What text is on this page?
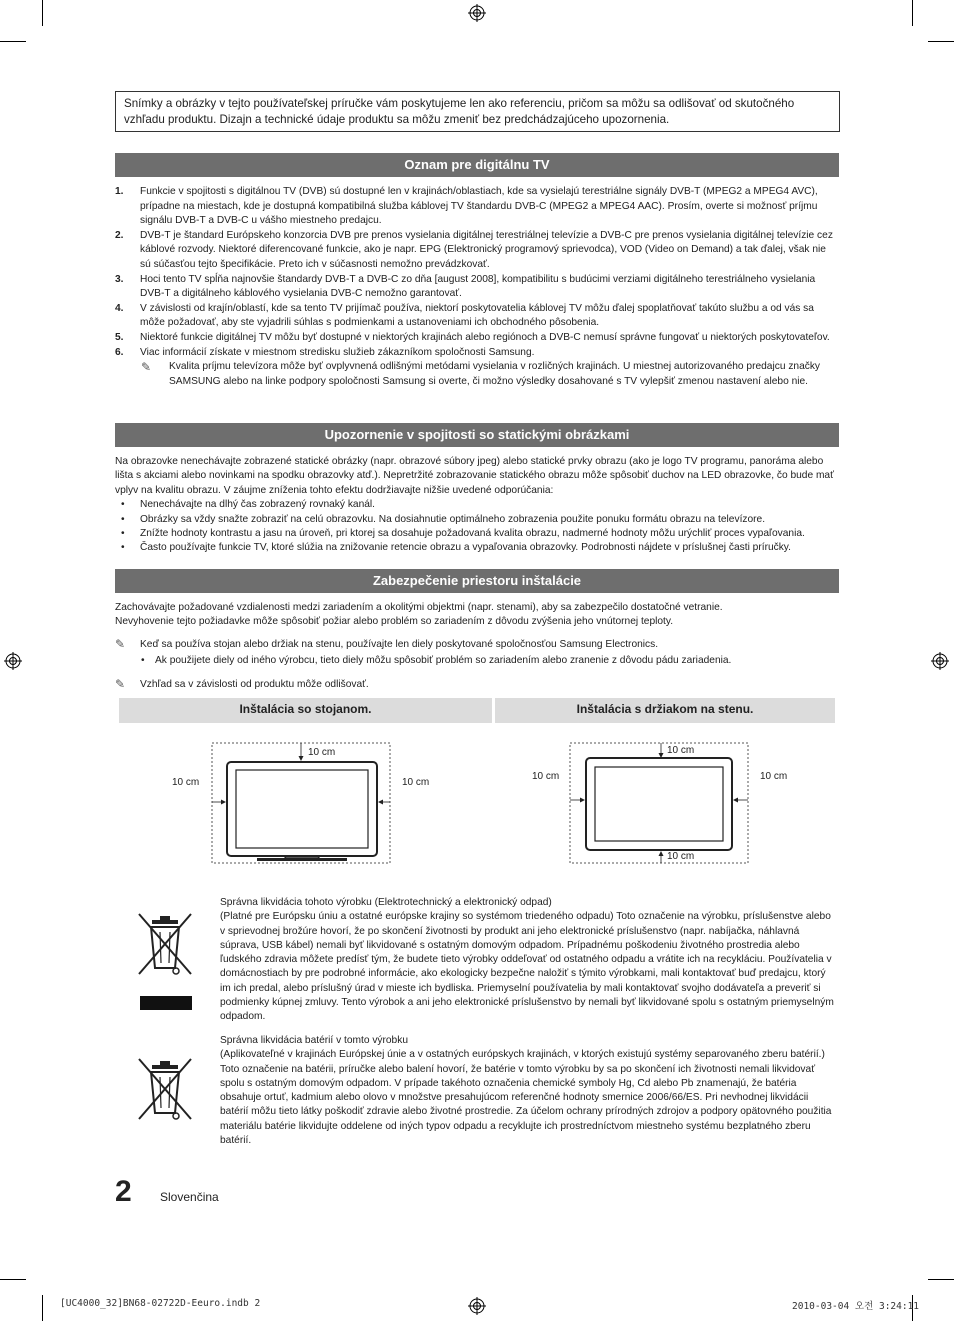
Snímky a obrázky v tejto používateľskej príručke vám poskytujeme len ako referenciu, pričom sa môžu sa odlišovať od skutočného vzhľadu produktu. Dizajn a technické údaje produktu sa môžu zmeniť bez predchádzajúceho upozornenia.
Oznam pre digitálnu TV
1. Funkcie v spojitosti s digitálnou TV (DVB) sú dostupné len v krajinách/oblastiach, kde sa vysielajú terestriálne signály DVB-T (MPEG2 a MPEG4 AVC), prípadne na miestach, kde je dostupná kompatibilná služba káblovej TV štandardu DVB-C (MPEG2 a MPEG4 AAC). Prosím, overte si možnosť príjmu signálu DVB-T a DVB-C u vášho miestneho predajcu.
2. DVB-T je štandard Európskeho konzorcia DVB pre prenos vysielania digitálnej terestriálnej televízie a DVB-C pre prenos vysielania digitálnej televízie cez káblové rozvody. Niektoré diferencované funkcie, ako je napr. EPG (Elektronický programový sprievodca), VOD (Video on Demand) a tak ďalej, však nie sú súčasťou tejto špecifikácie. Preto ich v súčasnosti nemožno prevádzkovať.
3. Hoci tento TV spĺňa najnovšie štandardy DVB-T a DVB-C zo dňa [august 2008], kompatibilitu s budúcimi verziami digitálneho terestriálneho vysielania DVB-T a digitálneho káblového vysielania DVB-C nemožno garantovať.
4. V závislosti od krajín/oblastí, kde sa tento TV prijímač používa, niektorí poskytovatelia káblovej TV môžu ďalej spoplatňovať takúto službu a od vás sa môže požadovať, aby ste vyjadrili súhlas s podmienkami a ustanoveniami ich obchodného pôsobenia.
5. Niektoré funkcie digitálnej TV môžu byť dostupné v niektorých krajinách alebo regiónoch a DVB-C nemusí správne fungovať u niektorých poskytovateľov.
6. Viac informácií získate v miestnom stredisku služieb zákazníkom spoločnosti Samsung.
✎ Kvalita príjmu televízora môže byť ovplyvnená odlišnými metódami vysielania v rozličných krajinách. U miestnej autorizovaného predajcu značky SAMSUNG alebo na linke podpory spoločnosti Samsung si overte, či možno výsledky dosahované s TV vylepšiť zmenou nastavení alebo nie.
Upozornenie v spojitosti so statickými obrázkami
Na obrazovke nenechávajte zobrazené statické obrázky (napr. obrazové súbory jpeg) alebo statické prvky obrazu (ako je logo TV programu, panoráma alebo lišta s akciami alebo novinkami na spodku obrazovky atď.). Nepretržité zobrazovanie statického obrazu môže spôsobiť duchov na LED obrazovke, čo bude mať vplyv na kvalitu obrazu. V záujme zníženia tohto efektu dodržiavajte nižšie uvedené odporúčania:
• Nenechávajte na dlhý čas zobrazený rovnaký kanál.
• Obrázky sa vždy snažte zobraziť na celú obrazovku. Na dosiahnutie optimálneho zobrazenia použite ponuku formátu obrazu na televízore.
• Znížte hodnoty kontrastu a jasu na úroveň, pri ktorej sa dosahuje požadovaná kvalita obrazu, nadmerné hodnoty môžu urýchliť proces vypaľovania.
• Často používajte funkcie TV, ktoré slúžia na znižovanie retencie obrazu a vypaľovania obrazovky. Podrobnosti nájdete v príslušnej časti príručky.
Zabezpečenie priestoru inštalácie
Zachovávajte požadované vzdialenosti medzi zariadením a okolitými objektmi (napr. stenami), aby sa zabezpečilo dostatočné vetranie.
Nevyhovenie tejto požiadavke môže spôsobiť požiar alebo problém so zariadením z dôvodu zvýšenia jeho vnútornej teploty.
✎ Keď sa používa stojan alebo držiak na stenu, používajte len diely poskytované spoločnosťou Samsung Electronics.
• Ak použijete diely od iného výrobcu, tieto diely môžu spôsobiť problém so zariadením alebo zranenie z dôvodu pádu zariadenia.
✎ Vzhľad sa v závislosti od produktu môže odlišovať.
Inštalácia so stojanom.	Inštalácia s držiakom na stenu.
10 cm
10 cm	10 cm
10 cm
10 cm	10 cm
10 cm
Správna likvidácia tohoto výrobku (Elektrotechnický a elektronický odpad)
(Platné pre Európsku úniu a ostatné európske krajiny so systémom triedeného odpadu) Toto označenie na výrobku, príslušenstve alebo v sprievodnej brožúre hovorí, že po skončení životnosti by produkt ani jeho elektronické príslušenstvo (napr. nabíjačka, náhlavná súprava, USB kábel) nemali byť likvidované s ostatným domovým odpadom. Prípadnému poškodeniu životného prostredia alebo ľudského zdravia môžete predísť tým, že budete tieto výrobky oddeľovať od ostatného odpadu a vrátite ich na recykláciu. Používatelia v domácnostiach by pre podrobné informácie, ako ekologicky bezpečne naložiť s týmito výrobkami, mali kontaktovať buď predajcu, ktorý im ich predal, alebo príslušný úrad v mieste ich bydliska. Priemyselní používatelia by mali kontaktovať svojho dodávateľa a preveriť si podmienky kúpnej zmluvy. Tento výrobok a ani jeho elektronické príslušenstvo by nemali byť likvidované spolu s ostatným priemyselným odpadom.
Správna likvidácia batérií v tomto výrobku
(Aplikovateľné v krajinách Európskej únie a v ostatných európskych krajinách, v ktorých existujú systémy separovaného zberu batérií.) Toto označenie na batérii, príručke alebo balení hovorí, že batérie v tomto výrobku by sa po skončení ich životnosti nemali likvidovať spolu s ostatným domovým odpadom. V prípade takéhoto označenia chemické symboly Hg, Cd alebo Pb znamenajú, že batéria obsahuje ortuť, kadmium alebo olovo v množstve presahujúcom referenčné hodnoty smernice 2006/66/ES. Pri nevhodnej likvidácii batérií môžu tieto látky poškodiť zdravie alebo životné prostredie. Za účelom ochrany prírodných zdrojov a podpory opätovného použitia materiálu batérie likvidujte oddelene od iných typov odpadu a recyklujte ich prostredníctvom miestneho systému bezplatného zberu batérií.
2 Slovenčina
[UC4000_32]BN68-02722D-Eeuro.indb 2	2010-03-04 오전 3:24:11
